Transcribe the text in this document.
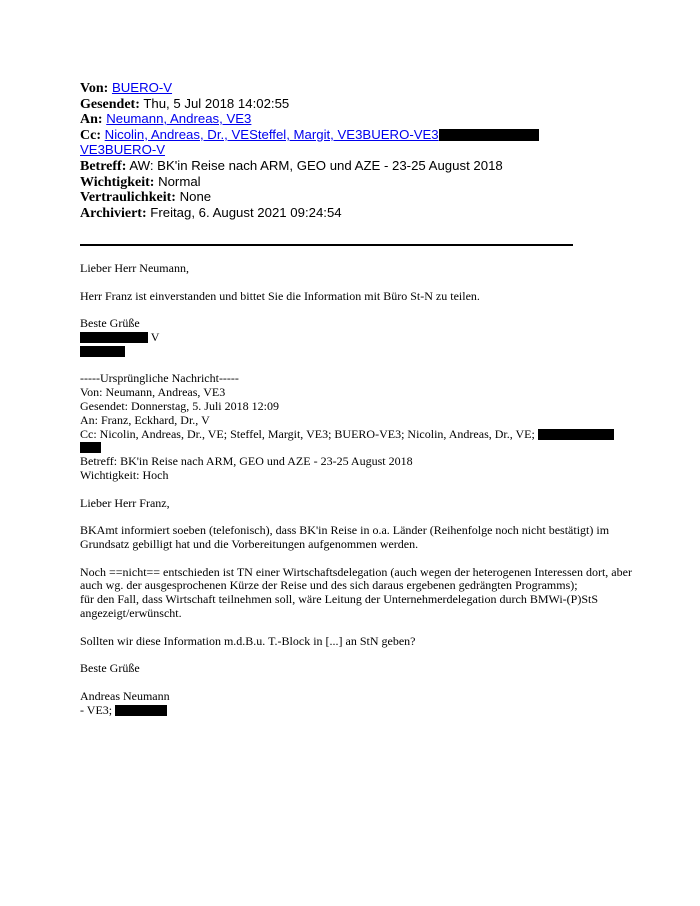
Von: BUERO-V
Gesendet: Thu, 5 Jul 2018 14:02:55
An: Neumann, Andreas, VE3
Cc: Nicolin, Andreas, Dr., VESteffel, Margit, VE3BUERO-VE3
VE3BUERO-V
Betreff: AW: BK'in Reise nach ARM, GEO und AZE - 23-25 August 2018
Wichtigkeit: Normal
Vertraulichkeit: None
Archiviert: Freitag, 6. August 2021 09:24:54

Lieber Herr Neumann,

Herr Franz ist einverstanden und bittet Sie die Information mit Büro St-N zu teilen.

Beste Grüße

V

-----Ursprüngliche Nachricht-----

Von: Neumann, Andreas, VE3

Gesendet: Donnerstag, 5. Juli 2018 12:09

An: Franz, Eckhard, Dr., V

Cc: Nicolin, Andreas, Dr., VE; Steffel, Margit, VE3; BUERO-VE3; Nicolin, Andreas, Dr., VE;

Betreff: BK'in Reise nach ARM, GEO und AZE - 23-25 August 2018

Wichtigkeit: Hoch

Lieber Herr Franz,

BKAmt informiert soeben (telefonisch), dass BK'in Reise in o.a. Länder (Reihenfolge noch nicht bestätigt) im

Grundsatz gebilligt hat und die Vorbereitungen aufgenommen werden.

Noch ==nicht== entschieden ist TN einer Wirtschaftsdelegation (auch wegen der heterogenen Interessen dort, aber

auch wg. der ausgesprochenen Kürze der Reise und des sich daraus ergebenen gedrängten Programms);

für den Fall, dass Wirtschaft teilnehmen soll, wäre Leitung der Unternehmerdelegation durch BMWi-(P)StS

angezeigt/erwünscht.

Sollten wir diese Information m.d.B.u. T.-Block in [...] an StN geben?

Beste Grüße

Andreas Neumann

- VE3;
